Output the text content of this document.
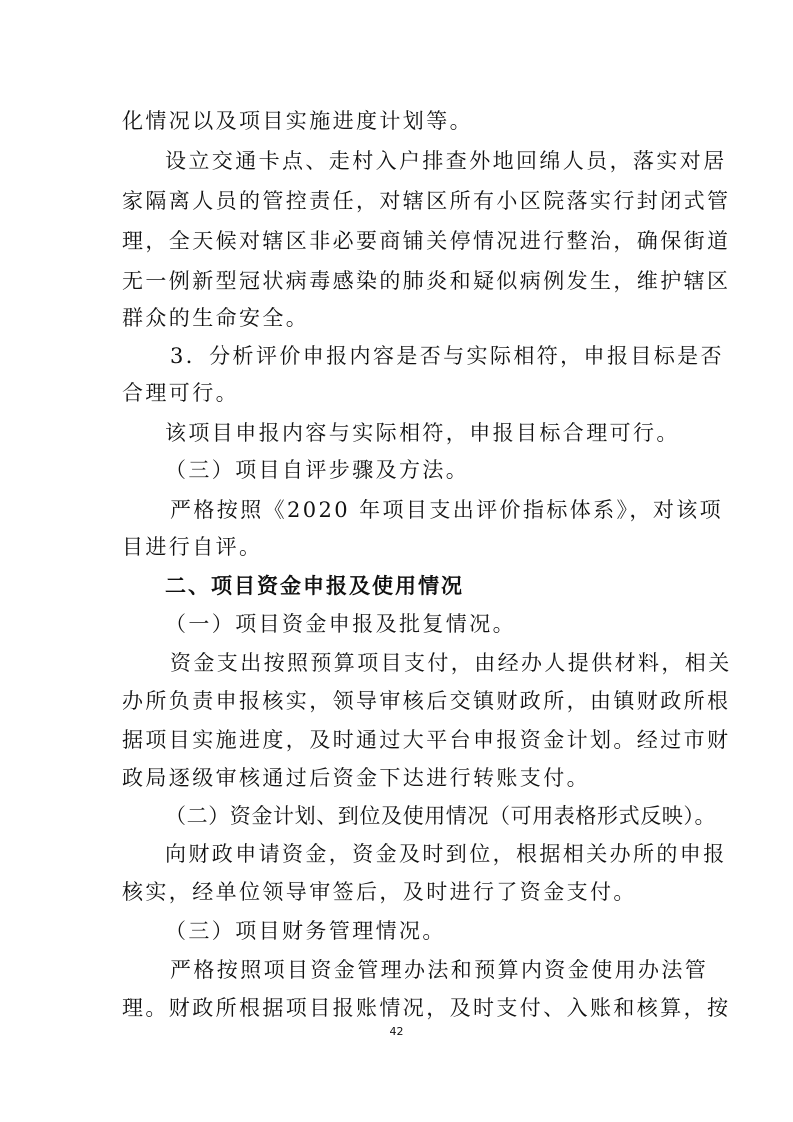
化情况以及项目实施进度计划等。
设立交通卡点、走村入户排查外地回绵人员，落实对居
家隔离人员的管控责任，对辖区所有小区院落实行封闭式管
理，全天候对辖区非必要商铺关停情况进行整治，确保街道
无一例新型冠状病毒感染的肺炎和疑似病例发生，维护辖区
群众的生命安全。
3．分析评价申报内容是否与实际相符，申报目标是否
合理可行。
该项目申报内容与实际相符，申报目标合理可行。
（三）项目自评步骤及方法。
严格按照《2020 年项目支出评价指标体系》，对该项
目进行自评。
二、项目资金申报及使用情况
（一）项目资金申报及批复情况。
资金支出按照预算项目支付，由经办人提供材料，相关
办所负责申报核实，领导审核后交镇财政所，由镇财政所根
据项目实施进度，及时通过大平台申报资金计划。经过市财
政局逐级审核通过后资金下达进行转账支付。
（二）资金计划、到位及使用情况（可用表格形式反映）。
向财政申请资金，资金及时到位，根据相关办所的申报
核实，经单位领导审签后，及时进行了资金支付。
（三）项目财务管理情况。
严格按照项目资金管理办法和预算内资金使用办法管
理。财政所根据项目报账情况，及时支付、入账和核算，按
42
